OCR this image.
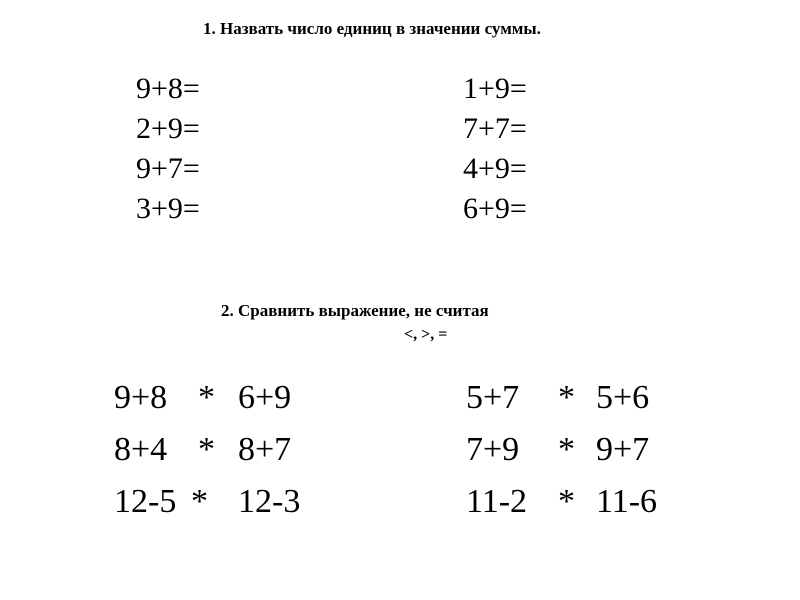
1. Назвать число единиц в значении суммы.
9+8=
2+9=
9+7=
3+9=
1+9=
7+7=
4+9=
6+9=
2. Сравнить выражение, не считая
<, >, =
9+8 * 6+9
8+4 * 8+7
12-5 * 12-3
5+7 * 5+6
7+9 * 9+7
11-2 * 11-6
